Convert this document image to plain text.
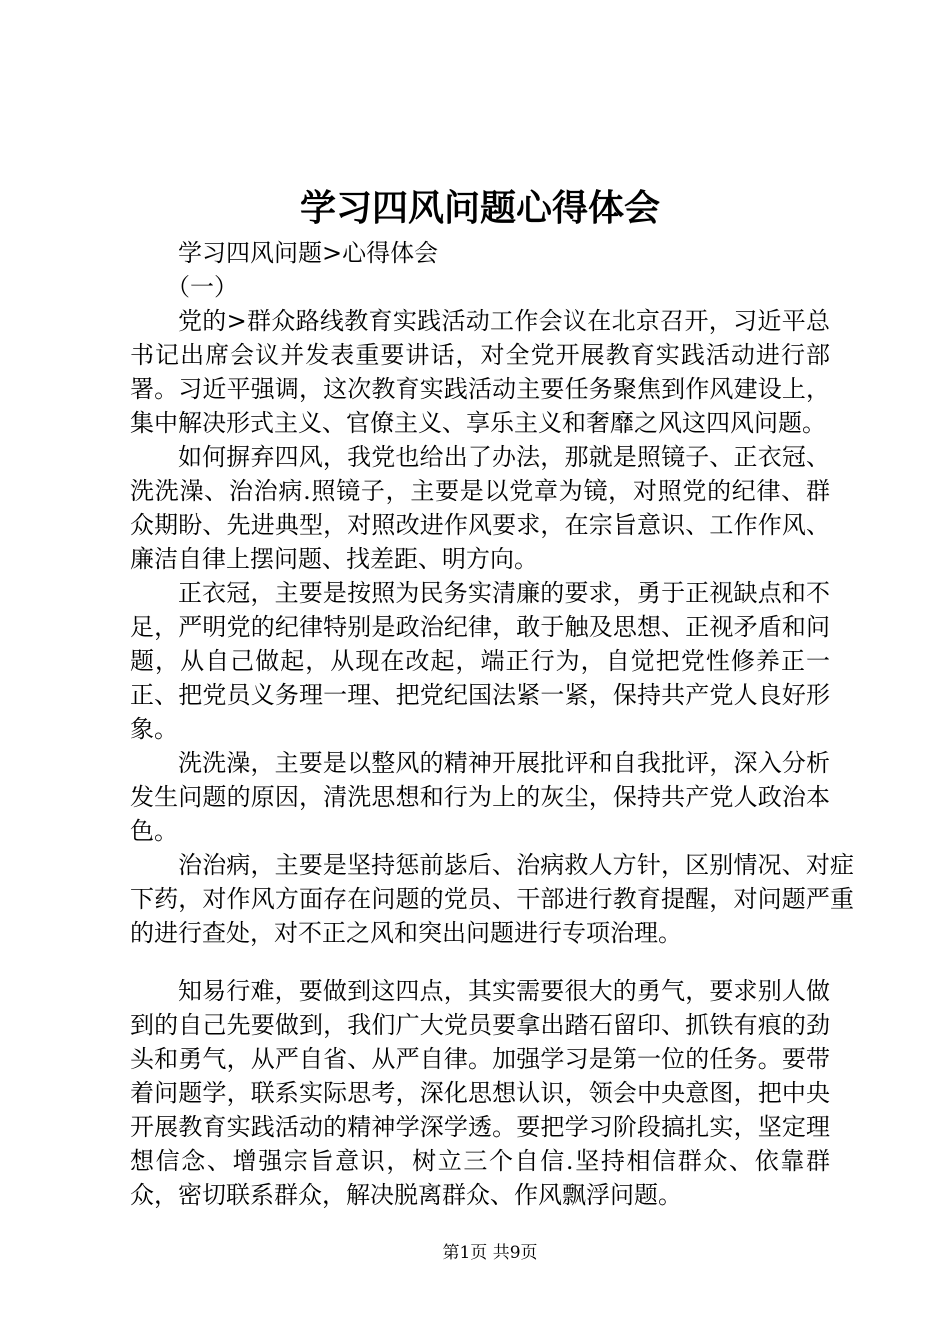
学习四风问题心得体会

学习四风问题>心得体会

（一）

党的>群众路线教育实践活动工作会议在北京召开，习近平总书记出席会议并发表重要讲话，对全党开展教育实践活动进行部署。习近平强调，这次教育实践活动主要任务聚焦到作风建设上，集中解决形式主义、官僚主义、享乐主义和奢靡之风这四风问题。

如何摒弃四风，我党也给出了办法，那就是照镜子、正衣冠、洗洗澡、治治病.照镜子，主要是以党章为镜，对照党的纪律、群众期盼、先进典型，对照改进作风要求，在宗旨意识、工作作风、廉洁自律上摆问题、找差距、明方向。

正衣冠，主要是按照为民务实清廉的要求，勇于正视缺点和不足，严明党的纪律特别是政治纪律，敢于触及思想、正视矛盾和问题，从自己做起，从现在改起，端正行为，自觉把党性修养正一正、把党员义务理一理、把党纪国法紧一紧，保持共产党人良好形象。

洗洗澡，主要是以整风的精神开展批评和自我批评，深入分析发生问题的原因，清洗思想和行为上的灰尘，保持共产党人政治本色。

治治病，主要是坚持惩前毖后、治病救人方针，区别情况、对症下药，对作风方面存在问题的党员、干部进行教育提醒，对问题严重的进行查处，对不正之风和突出问题进行专项治理。

知易行难，要做到这四点，其实需要很大的勇气，要求别人做到的自己先要做到，我们广大党员要拿出踏石留印、抓铁有痕的劲头和勇气，从严自省、从严自律。加强学习是第一位的任务。要带着问题学，联系实际思考，深化思想认识，领会中央意图，把中央开展教育实践活动的精神学深学透。要把学习阶段搞扎实，坚定理想信念、增强宗旨意识，树立三个自信.坚持相信群众、依靠群众，密切联系群众，解决脱离群众、作风飘浮问题。

第1页 共9页
